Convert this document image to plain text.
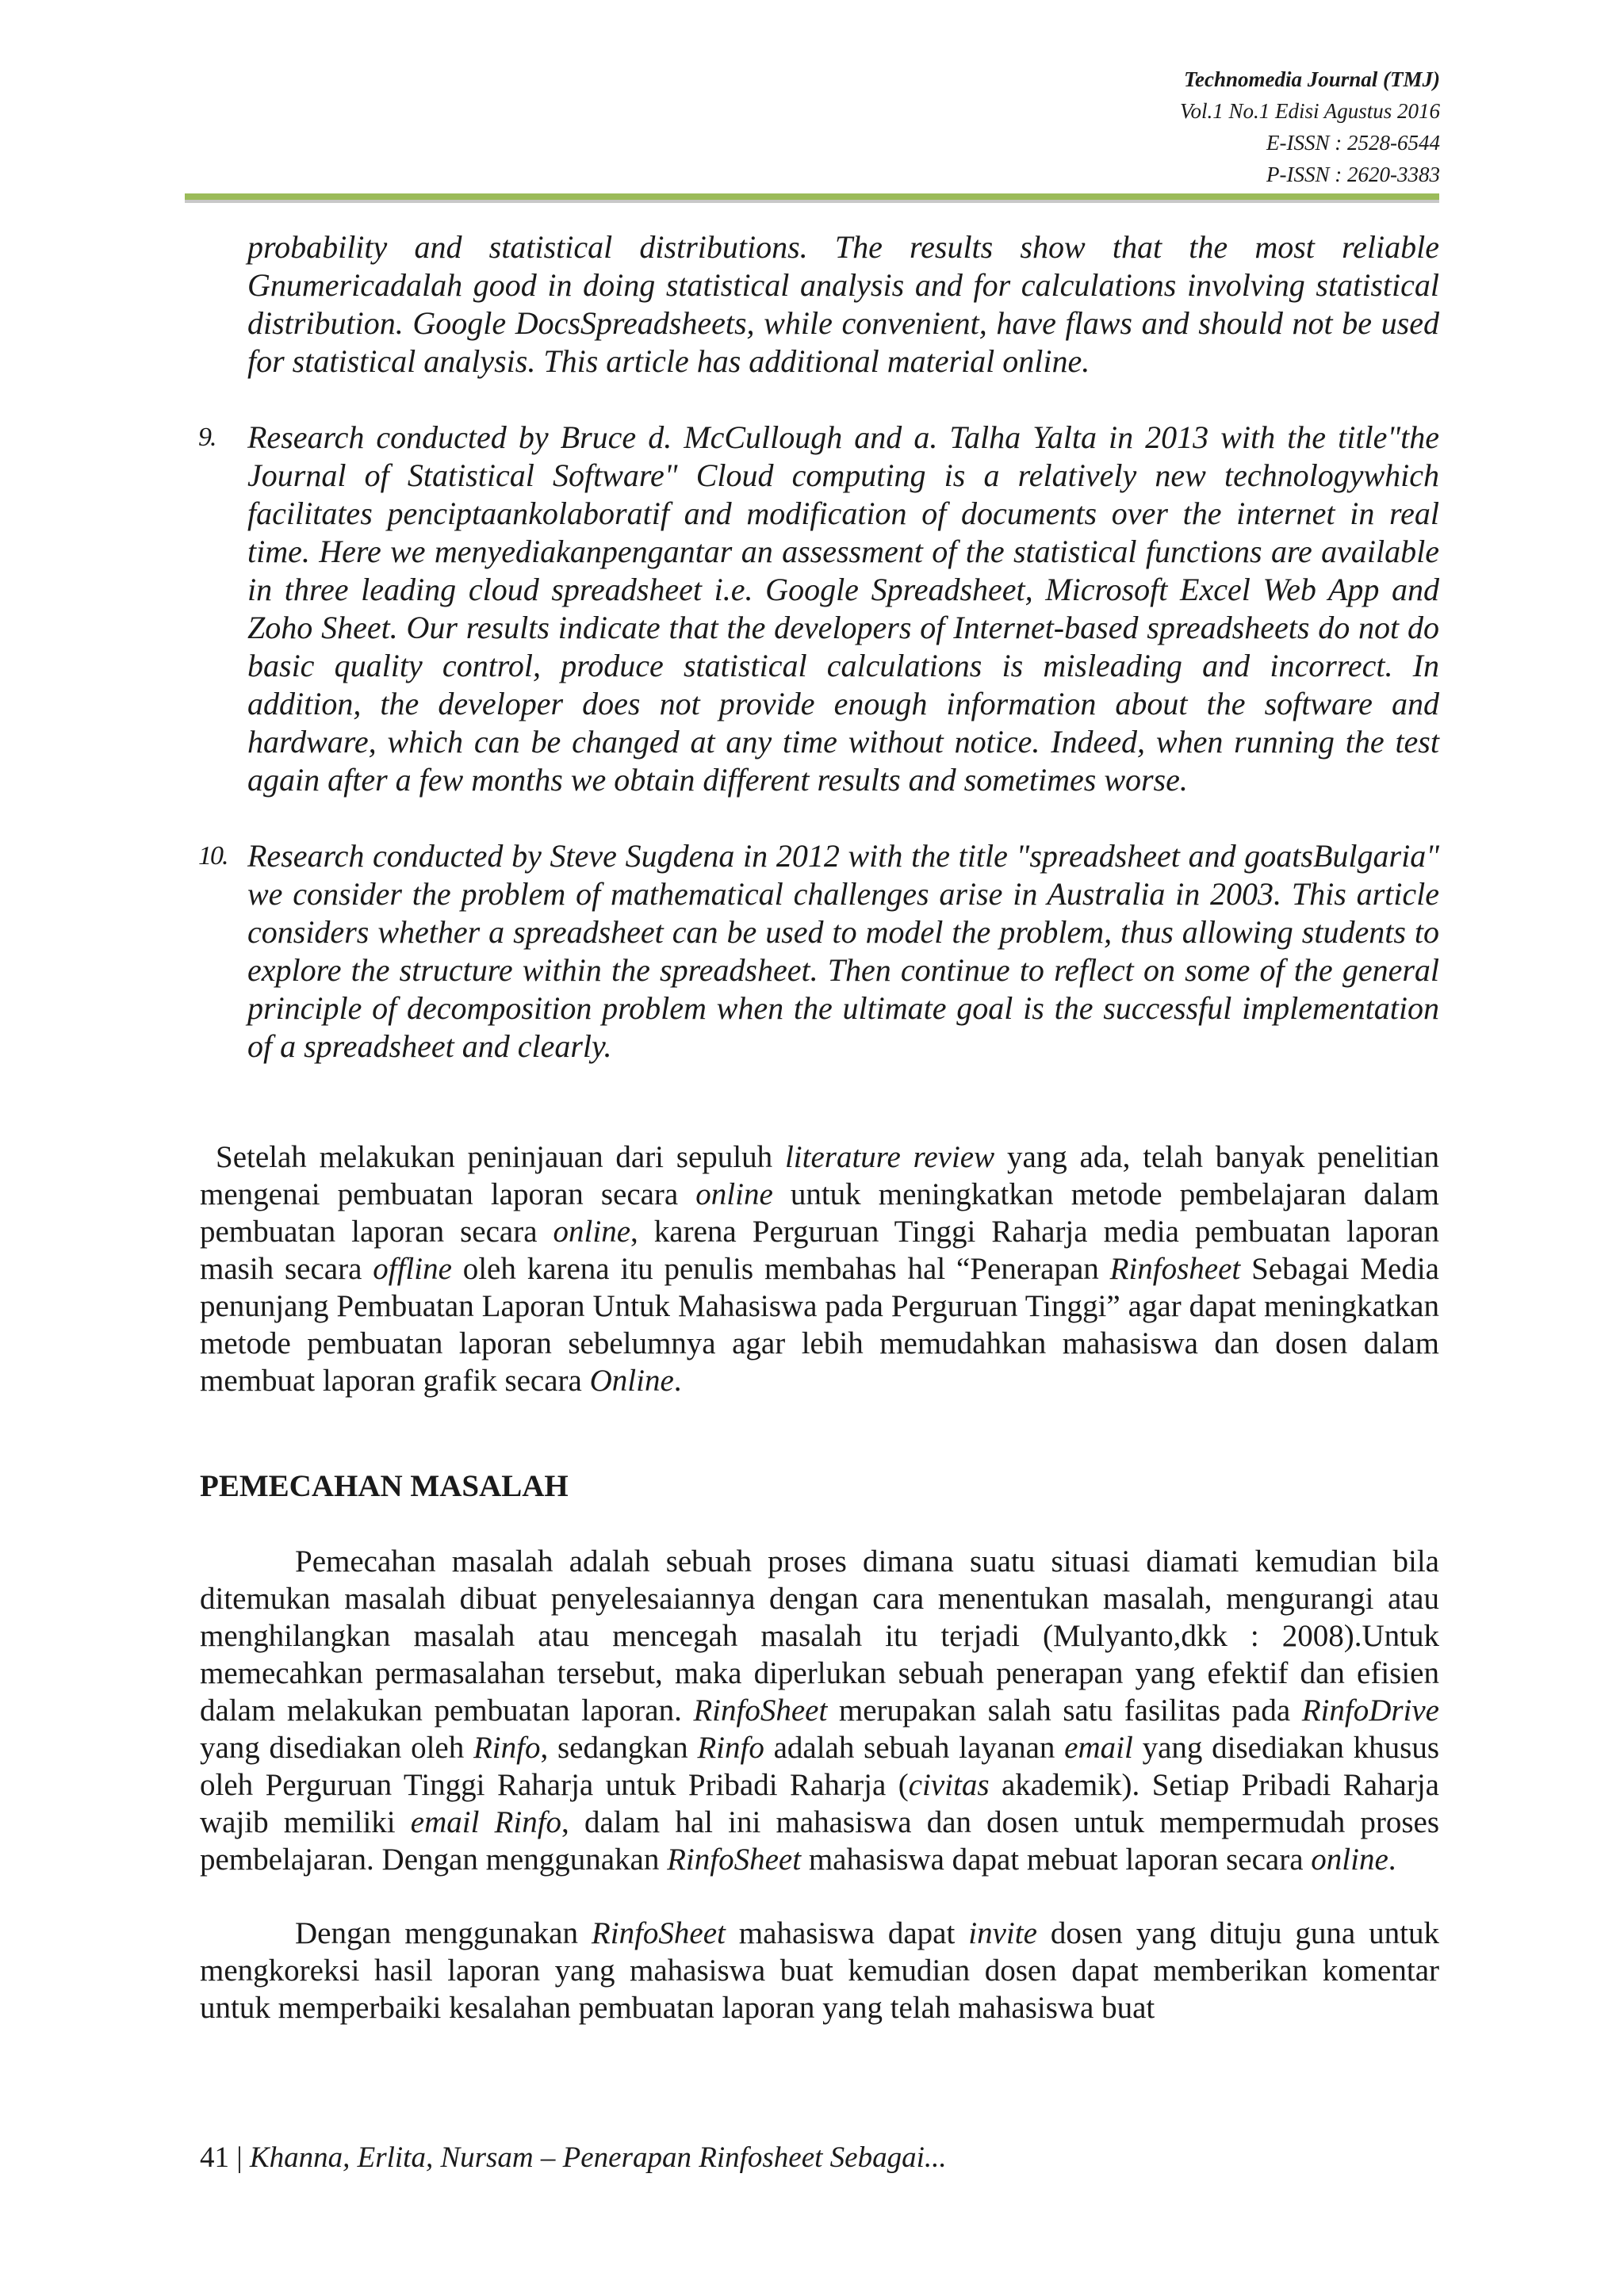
Technomedia Journal (TMJ)
Vol.1 No.1 Edisi Agustus 2016
E-ISSN : 2528-6544
P-ISSN : 2620-3383

probability and statistical distributions. The results show that the most reliable Gnumericadalah good in doing statistical analysis and for calculations involving statistical distribution. Google DocsSpreadsheets, while convenient, have flaws and should not be used for statistical analysis. This article has additional material online.

9. Research conducted by Bruce d. McCullough and a. Talha Yalta in 2013 with the title"the Journal of Statistical Software" Cloud computing is a relatively new technologywhich facilitates penciptaankolaboratif and modification of documents over the internet in real time. Here we menyediakanpengantar an assessment of the statistical functions are available in three leading cloud spreadsheet i.e. Google Spreadsheet, Microsoft Excel Web App and Zoho Sheet. Our results indicate that the developers of Internet-based spreadsheets do not do basic quality control, produce statistical calculations is misleading and incorrect. In addition, the developer does not provide enough information about the software and hardware, which can be changed at any time without notice. Indeed, when running the test again after a few months we obtain different results and sometimes worse.

10. Research conducted by Steve Sugdena in 2012 with the title "spreadsheet and goatsBulgaria" we consider the problem of mathematical challenges arise in Australia in 2003. This article considers whether a spreadsheet can be used to model the problem, thus allowing students to explore the structure within the spreadsheet. Then continue to reflect on some of the general principle of decomposition problem when the ultimate goal is the successful implementation of a spreadsheet and clearly.

Setelah melakukan peninjauan dari sepuluh literature review yang ada, telah banyak penelitian mengenai pembuatan laporan secara online untuk meningkatkan metode pembelajaran dalam pembuatan laporan secara online, karena Perguruan Tinggi Raharja media pembuatan laporan masih secara offline oleh karena itu penulis membahas hal “Penerapan Rinfosheet Sebagai Media penunjang Pembuatan Laporan Untuk Mahasiswa pada Perguruan Tinggi” agar dapat meningkatkan metode pembuatan laporan sebelumnya agar lebih memudahkan mahasiswa dan dosen dalam membuat laporan grafik secara Online.

PEMECAHAN MASALAH

Pemecahan masalah adalah sebuah proses dimana suatu situasi diamati kemudian bila ditemukan masalah dibuat penyelesaiannya dengan cara menentukan masalah, mengurangi atau menghilangkan masalah atau mencegah masalah itu terjadi (Mulyanto,dkk : 2008).Untuk memecahkan permasalahan tersebut, maka diperlukan sebuah penerapan yang efektif dan efisien dalam melakukan pembuatan laporan. RinfoSheet merupakan salah satu fasilitas pada RinfoDrive yang disediakan oleh Rinfo, sedangkan Rinfo adalah sebuah layanan email yang disediakan khusus oleh Perguruan Tinggi Raharja untuk Pribadi Raharja (civitas akademik). Setiap Pribadi Raharja wajib memiliki email Rinfo, dalam hal ini mahasiswa dan dosen untuk mempermudah proses pembelajaran. Dengan menggunakan RinfoSheet mahasiswa dapat mebuat laporan secara online.

Dengan menggunakan RinfoSheet mahasiswa dapat invite dosen yang dituju guna untuk mengkoreksi hasil laporan yang mahasiswa buat kemudian dosen dapat memberikan komentar untuk memperbaiki kesalahan pembuatan laporan yang telah mahasiswa buat

41 | Khanna, Erlita, Nursam – Penerapan Rinfosheet Sebagai...
